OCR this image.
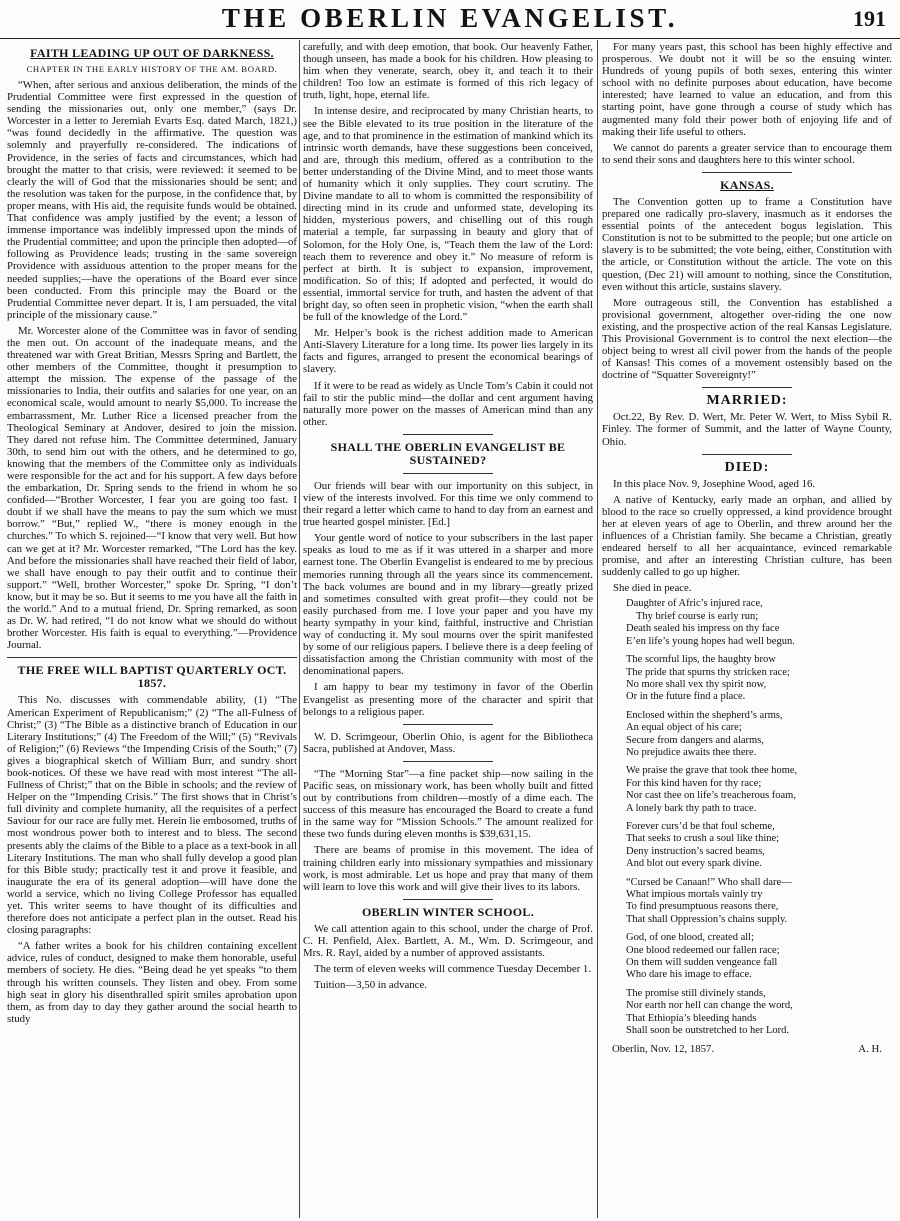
THE OBERLIN EVANGELIST.	191
FAITH LEADING UP OUT OF DARKNESS.
CHAPTER IN THE EARLY HISTORY OF THE AM. BOARD.

“When, after serious and anxious deliberation, the minds of the Prudential Committee were first expressed in the question of sending the missionaries out, only one member,” (says Dr. Worcester in a letter to Jeremiah Evarts Esq. dated March, 1821,) “was found decidedly in the affirmative. The question was solemnly and prayerfully re-considered. The indications of Providence, in the series of facts and circumstances, which had brought the matter to that crisis, were reviewed: it seemed to be clearly the will of God that the missionaries should be sent; and the resolution was taken for the purpose, in the confidence that, by proper means, with His aid, the requisite funds would be obtained. That confidence was amply justified by the event; a lesson of immense importance was indelibly impressed upon the minds of the Prudential committee; and upon the principle then adopted—of following as Providence leads; trusting in the same sovereign Providence with assiduous attention to the proper means for the needed supplies;—have the operations of the Board ever since been conducted. From this principle may the Board or the Prudential Committee never depart. It is, I am persuaded, the vital principle of the missionary cause.”

Mr. Worcester alone of the Committee was in favor of sending the men out. On account of the inadequate means, and the threatened war with Great Britian, Messrs Spring and Bartlett, the other members of the Committee, thought it presumption to attempt the mission. The expense of the passage of the missionaries to India, their outfits and salaries for one year, on an economical scale, would amount to nearly $5,000. To increase the embarrassment, Mr. Luther Rice a licensed preacher from the Theological Seminary at Andover, desired to join the mission. They dared not refuse him. The Committee determined, January 30th, to send him out with the others, and he determined to go, knowing that the members of the Committee only as individuals were responsible for the act and for his support. A few days before the embarkation, Dr. Spring sends to the friend in whom he so confided—“Brother Worcester, I fear you are going too fast. I doubt if we shall have the means to pay the sum which we must borrow.” “But,” replied W., “there is money enough in the churches.” To which S. rejoined—“I know that very well. But how can we get at it? Mr. Worcester remarked, “The Lord has the key. And before the missionaries shall have reached their field of labor, we shall have enough to pay their outfit and to continue their support.” “Well, brother Worcester,” spoke Dr. Spring, “I don’t know, but it may be so. But it seems to me you have all the faith in the world.” And to a mutual friend, Dr. Spring remarked, as soon as Dr. W. had retired, “I do not know what we should do without brother Worcester. His faith is equal to everything.”—Providence Journal.

THE FREE WILL BAPTIST QUARTERLY OCT. 1857.

This No. discusses with commendable ability, (1) “The American Experiment of Republicanism;” (2) “The all-Fulness of Christ;” (3) “The Bible as a distinctive branch of Education in our Literary Institutions;” (4) The Freedom of the Will;” (5) “Revivals of Religion;” (6) Reviews “the Impending Crisis of the South;” (7) gives a biographical sketch of William Burr, and sundry short book-notices. Of these we have read with most interest “The all-Fullness of Christ;” that on the Bible in schools; and the review of Helper on the “Impending Crisis.” The first shows that in Christ’s full divinity and complete humanity, all the requisites of a perfect Saviour for our race are fully met. Herein lie embosomed, truths of most wondrous power both to interest and to bless. The second presents ably the claims of the Bible to a place as a text-book in all Literary Institutions. The man who shall fully develop a good plan for this Bible study; practically test it and prove it feasible, and inaugurate the era of its general adoption—will have done the world a service, which no living College Professor has equalled yet. This writer seems to have thought of its difficulties and therefore does not anticipate a perfect plan in the outset. Read his closing paragraphs:

“A father writes a book for his children containing excellent advice, rules of conduct, designed to make them honorable, useful members of society. He dies. “Being dead he yet speaks “to them through his written counsels. They listen and obey. From some high seat in glory his disenthralled spirit smiles aprobation upon them, as from day to day they gather around the social hearth to study

carefully, and with deep emotion, that book. Our heavenly Father, though unseen, has made a book for his children. How pleasing to him when they venerate, search, obey it, and teach it to their children! Too low an estimate is formed of this rich legacy of truth, light, hope, eternal life.

In intense desire, and reciprocated by many Christian hearts, to see the Bible elevated to its true position in the literature of the age, and to that prominence in the estimation of mankind which its intrinsic worth demands, have these suggestions been conceived, and are, through this medium, offered as a contribution to the better understanding of the Divine Mind, and to meet those wants of humanity which it only supplies. They court scrutiny. The Divine mandate to all to whom is committed the responsibility of directing mind in its crude and unformed state, developing its hidden, mysterious powers, and chiselling out of this rough material a temple, far surpassing in beauty and glory that of Solomon, for the Holy One, is, “Teach them the law of the Lord: teach them to reverence and obey it.” No measure of reform is perfect at birth. It is subject to expansion, improvement, modification. So of this; If adopted and perfected, it would do essential, immortal service for truth, and hasten the advent of that bright day, so often seen in prophetic vision, “when the earth shall be full of the knowledge of the Lord.”

Mr. Helper’s book is the richest addition made to American Anti-Slavery Literature for a long time. Its power lies largely in its facts and figures, arranged to present the economical bearings of slavery.

If it were to be read as widely as Uncle Tom’s Cabin it could not fail to stir the public mind—the dollar and cent argument having naturally more power on the masses of American mind than any other.

SHALL THE OBERLIN EVANGELIST BE SUSTAINED?

Our friends will bear with our importunity on this subject, in view of the interests involved. For this time we only commend to their regard a letter which came to hand to day from an earnest and true hearted gospel minister. [Ed.]

Your gentle word of notice to your subscribers in the last paper speaks as loud to me as if it was uttered in a sharper and more earnest tone. The Oberlin Evangelist is endeared to me by precious memories running through all the years since its commencement. The back volumes are bound and in my library—greatly prized and sometimes consulted with great profit—they could not be easily purchased from me. I love your paper and you have my hearty sympathy in your kind, faithful, instructive and Christian way of conducting it. My soul mourns over the spirit manifested by some of our religious papers. I believe there is a deep feeling of dissatisfaction among the Christian community with most of the denominational papers.

I am happy to bear my testimony in favor of the Oberlin Evangelist as presenting more of the character and spirit that belongs to a religious paper.

W. D. Scrimgeour, Oberlin Ohio, is agent for the Bibliotheca Sacra, published at Andover, Mass.

“The “Morning Star”—a fine packet ship—now sailing in the Pacific seas, on missionary work, has been wholly built and fitted out by contributions from children—mostly of a dime each. The success of this measure has encouraged the Board to create a fund in the same way for “Mission Schools.” The amount realized for these two funds during eleven months is $39,631,15.

There are beams of promise in this movement. The idea of training children early into missionary sympathies and missionary work, is most admirable. Let us hope and pray that many of them will learn to love this work and will give their lives to its labors.

OBERLIN WINTER SCHOOL.

We call attention again to this school, under the charge of Prof. C. H. Penfield, Alex. Bartlett, A. M., Wm. D. Scrimgeour, and Mrs. R. Rayl, aided by a number of approved assistants.

The term of eleven weeks will commence Tuesday December 1.

Tuition—3,50 in advance.

For many years past, this school has been highly effective and prosperous. We doubt not it will be so the ensuing winter. Hundreds of young pupils of both sexes, entering this winter school with no definite purposes about education, have become interested; have learned to value an education, and from this starting point, have gone through a course of study which has augmented many fold their power both of enjoying life and of making their life useful to others.

We cannot do parents a greater service than to encourage them to send their sons and daughters here to this winter school.

KANSAS.

The Convention gotten up to frame a Constitution have prepared one radically pro-slavery, inasmuch as it endorses the essential points of the antecedent bogus legislation. This Constitution is not to be submitted to the people; but one article on slavery is to be submitted; the vote being, either, Constitution with the article, or Constitution without the article. The vote on this question, (Dec 21) will amount to nothing, since the Constitution, even without this article, sustains slavery.

More outrageous still, the Convention has established a provisional government, altogether over-riding the one now existing, and the prospective action of the real Kansas Legislature. This Provisional Government is to control the next election—the object being to wrest all civil power from the hands of the people of Kansas! This comes of a movement ostensibly based on the doctrine of “Squatter Sovereignty!”

MARRIED:

Oct.22, By Rev. D. Wert, Mr. Peter W. Wert, to Miss Sybil R. Finley. The former of Summit, and the latter of Wayne County, Ohio.

DIED:

In this place Nov. 9, Josephine Wood, aged 16.

A native of Kentucky, early made an orphan, and allied by blood to the race so cruelly oppressed, a kind providence brought her at eleven years of age to Oberlin, and threw around her the influences of a Christian family. She became a Christian, greatly endeared herself to all her acquaintance, evinced remarkable promise, and after an interesting Christian culture, has been suddenly called to go up higher.

She died in peace.

Daughter of Afric’s injured race,
Thy brief course is early run;
Death sealed his impress on thy face
E’en life’s young hopes had well begun.
The scornful lips, the haughty brow
The pride that spurns thy stricken race;
No more shall vex thy spirit now,
Or in the future find a place.
Enclosed within the shepherd’s arms,
An equal object of his care;
Secure from dangers and alarms,
No prejudice awaits thee there.
We praise the grave that took thee home,
For this kind haven for thy race;
Nor cast thee on life’s treacherous foam,
A lonely bark thy path to trace.
Forever curs’d be that foul scheme,
That seeks to crush a soul like thine;
Deny instruction’s sacred beams,
And blot out every spark divine.
“Cursed be Canaan!” Who shall dare—
What impious mortals vainly try
To find presumptuous reasons there,
That shall Oppression’s chains supply.
God, of one blood, created all;
One blood redeemed our fallen race;
On them will sudden vengeance fall
Who dare his image to efface.
The promise still divinely stands,
Nor earth nor hell can change the word,
That Ethiopia’s bleeding hands
Shall soon be outstretched to her Lord.
Oberlin, Nov. 12, 1857.	A. H.
